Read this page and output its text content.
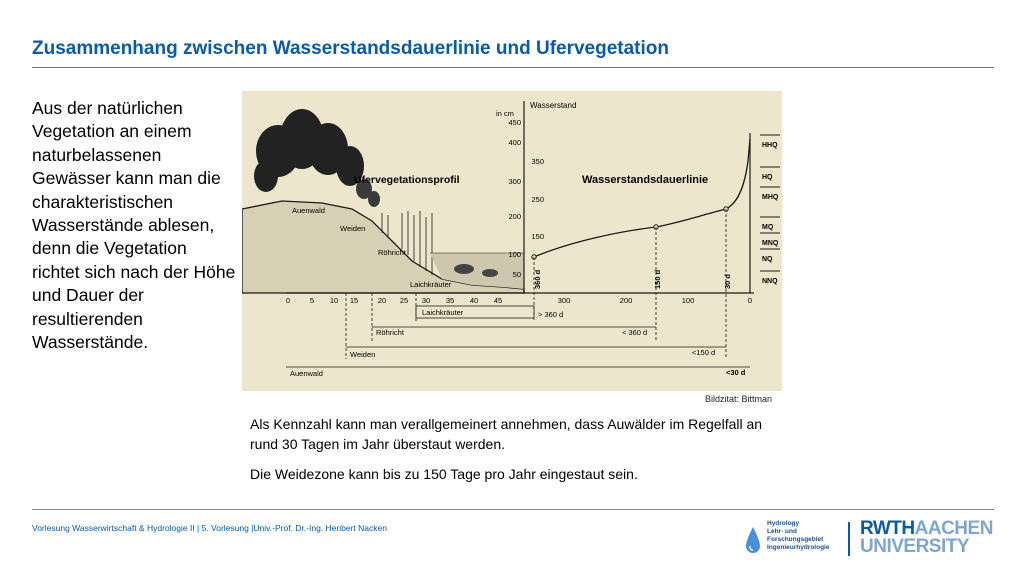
Zusammenhang zwischen Wasserstandsdauerlinie und Ufervegetation
Aus der natürlichen Vegetation an einem naturbelassenen Gewässer kann man die charakteristischen Wasserstände ablesen, denn die Vegetation richtet sich nach der Höhe und Dauer der resultierenden Wasserstände.
Wasserstand
in cm
450
400
350
300
250
200
150
100
50
Ufervegetationsprofil	Wasserstandsdauerlinie
Auenwald
Weiden
Röhricht
Laichkräuter
HHQ
HQ
MHQ
MQ
MNQ
NQ
NNQ
0	5 10 15	20 25 30 35 40 45	300	200	100	0
360 d	150 d	30 d
Laichkräuter	> 360 d
Röhricht	< 360 d
Weiden	<150 d
Auenwald	<30 d
Bildzitat: Bittman
Als Kennzahl kann man verallgemeinert annehmen, dass Auwälder im Regelfall an rund 30 Tagen im Jahr überstaut werden.
Die Weidezone kann bis zu 150 Tage pro Jahr eingestaut sein.
Vorlesung Wasserwirtschaft & Hydrologie II | 5. Vorlesung |Univ.-Prof. Dr.-Ing. Heribert Nacken	Hydrology
Lehr- und
Forschungsgebiet
Ingenieurhydrologie
RWTHAACHEN
UNIVERSITY
